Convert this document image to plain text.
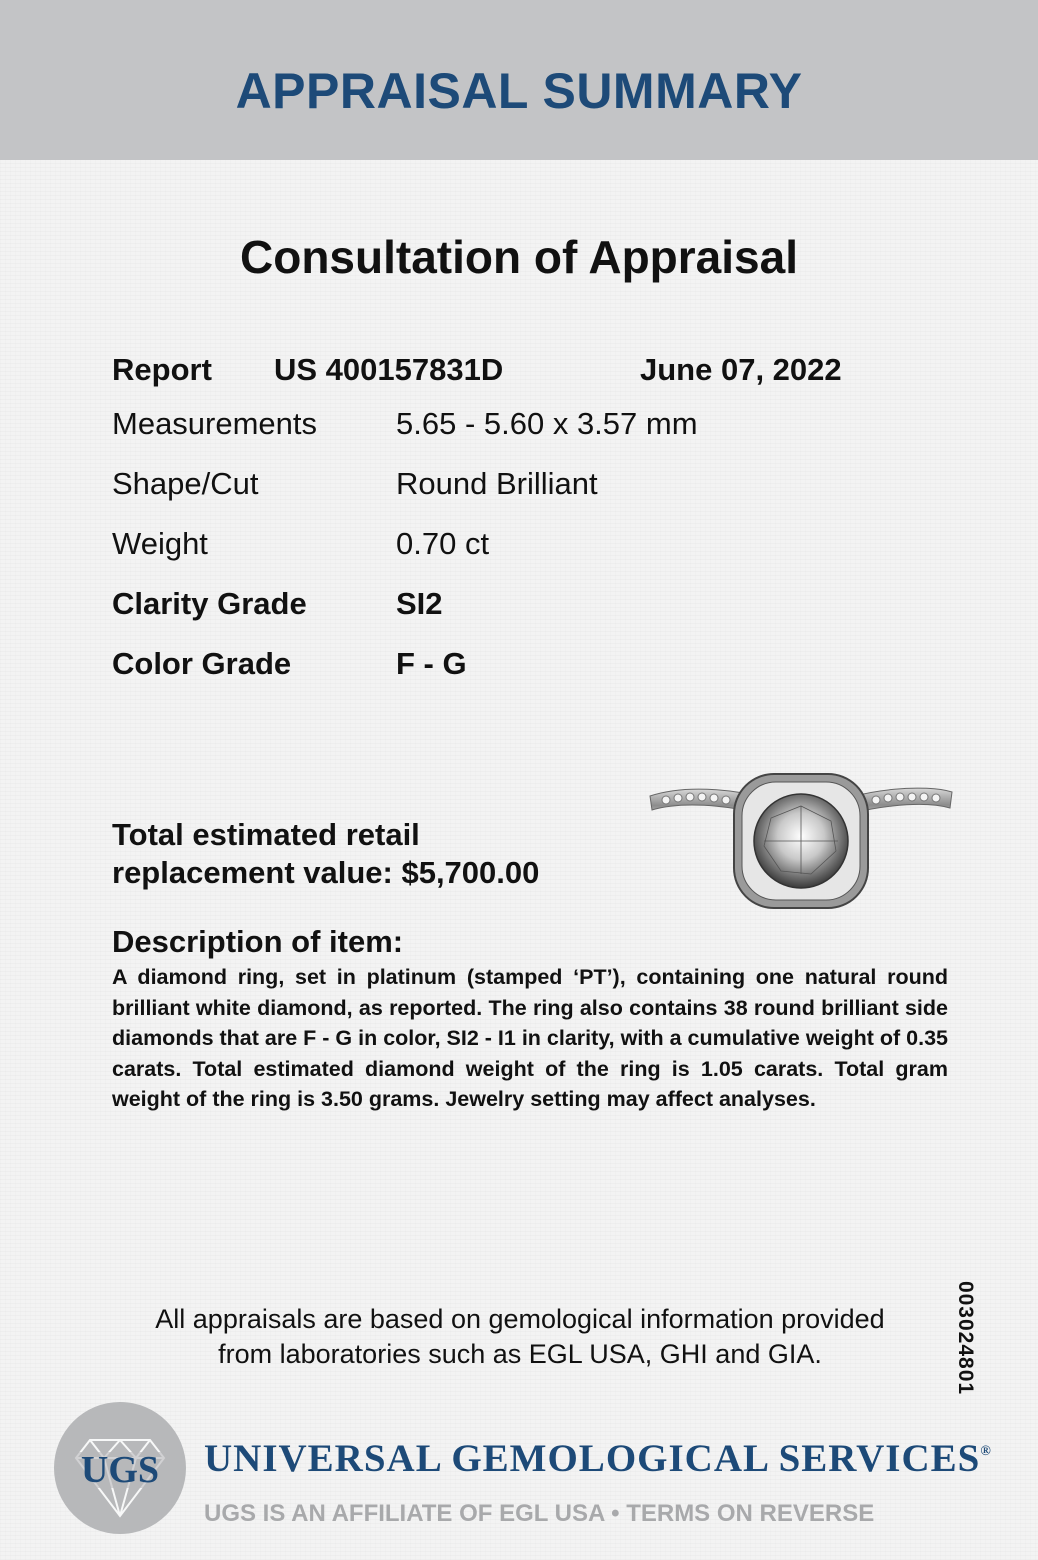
APPRAISAL SUMMARY
Consultation of Appraisal
Report US 400157831D	June 07, 2022
Measurements	5.65 - 5.60 x 3.57 mm
Shape/Cut	Round Brilliant
Weight	0.70 ct
Clarity Grade	SI2
Color Grade	F - G
Total estimated retail
replacement value: $5,700.00
Description of item:
A diamond ring, set in platinum (stamped ‘PT’), containing one natural round brilliant white diamond, as reported. The ring also contains 38 round brilliant side diamonds that are F - G in color, SI2 - I1 in clarity, with a cumulative weight of 0.35 carats. Total estimated diamond weight of the ring is 1.05 carats. Total gram weight of the ring is 3.50 grams. Jewelry setting may affect analyses.
All appraisals are based on gemological information provided
from laboratories such as EGL USA, GHI and GIA.	003024801
UGS UNIVERSAL GEMOLOGICAL SERVICES®
UGS IS AN AFFILIATE OF EGL USA • TERMS ON REVERSE
